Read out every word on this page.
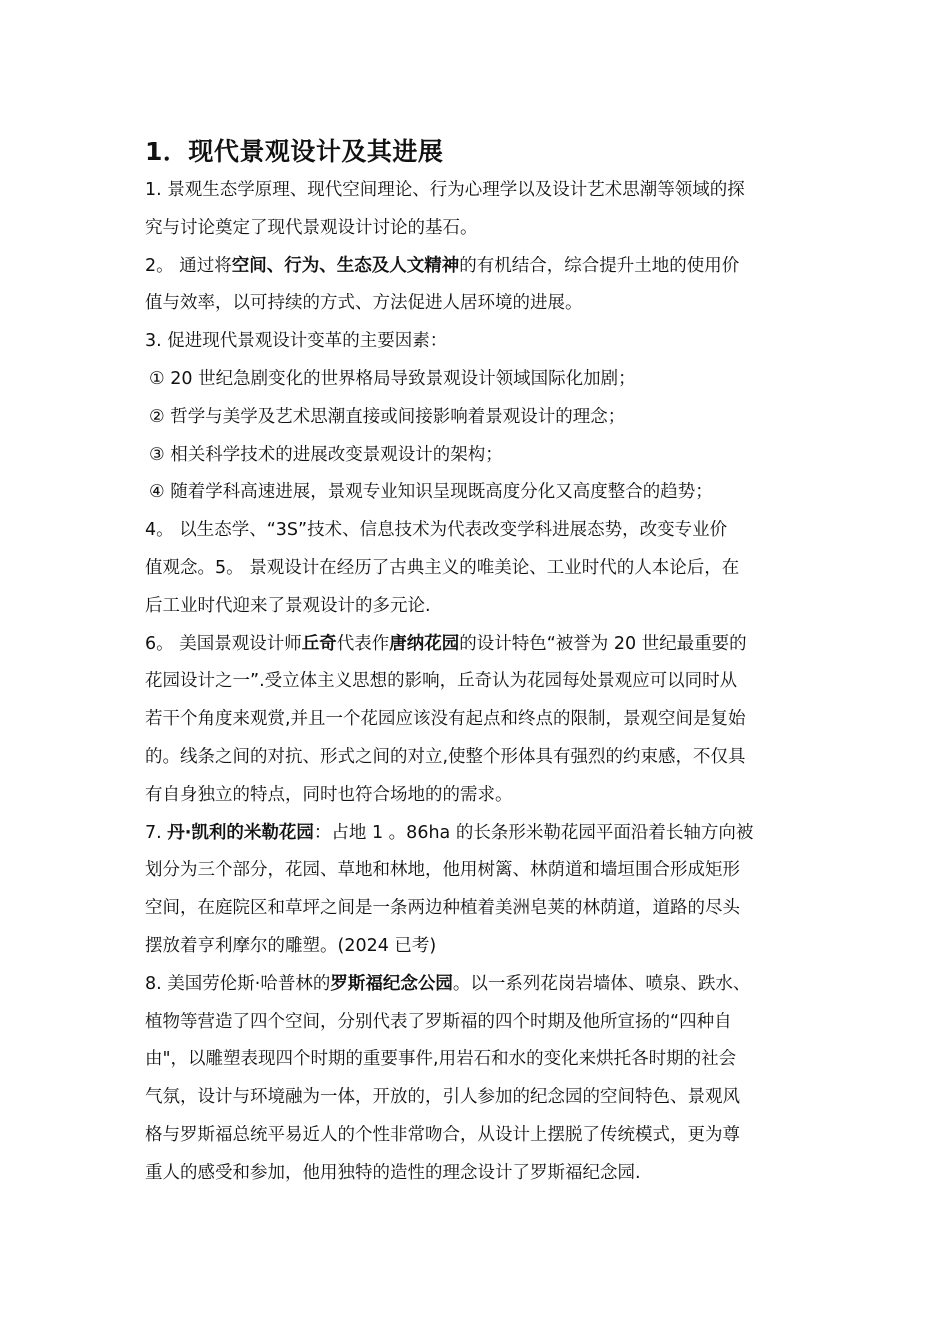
1．现代景观设计及其进展
1. 景观生态学原理、现代空间理论、行为心理学以及设计艺术思潮等领域的探
究与讨论奠定了现代景观设计讨论的基石。
2。 通过将空间、行为、生态及人文精神的有机结合，综合提升土地的使用价
值与效率，以可持续的方式、方法促进人居环境的进展。
3. 促进现代景观设计变革的主要因素：
① 20 世纪急剧变化的世界格局导致景观设计领域国际化加剧；
② 哲学与美学及艺术思潮直接或间接影响着景观设计的理念；
③ 相关科学技术的进展改变景观设计的架构；
④ 随着学科高速进展，景观专业知识呈现既高度分化又高度整合的趋势；
4。 以生态学、“3S”技术、信息技术为代表改变学科进展态势，改变专业价
值观念。5。 景观设计在经历了古典主义的唯美论、工业时代的人本论后，在
后工业时代迎来了景观设计的多元论.
6。 美国景观设计师丘奇代表作唐纳花园的设计特色“被誉为 20 世纪最重要的
花园设计之一”.受立体主义思想的影响，丘奇认为花园每处景观应可以同时从
若干个角度来观赏,并且一个花园应该没有起点和终点的限制，景观空间是复始
的。线条之间的对抗、形式之间的对立,使整个形体具有强烈的约束感，不仅具
有自身独立的特点，同时也符合场地的的需求。
7. 丹·凯利的米勒花园：占地 1 。86ha 的长条形米勒花园平面沿着长轴方向被
划分为三个部分，花园、草地和林地，他用树篱、林荫道和墙垣围合形成矩形
空间，在庭院区和草坪之间是一条两边种植着美洲皂荚的林荫道，道路的尽头
摆放着亨利摩尔的雕塑。(2024 已考)
8. 美国劳伦斯·哈普林的罗斯福纪念公园。以一系列花岗岩墙体、喷泉、跌水、
植物等营造了四个空间，分别代表了罗斯福的四个时期及他所宣扬的“四种自
由"，以雕塑表现四个时期的重要事件,用岩石和水的变化来烘托各时期的社会
气氛，设计与环境融为一体，开放的，引人参加的纪念园的空间特色、景观风
格与罗斯福总统平易近人的个性非常吻合，从设计上摆脱了传统模式，更为尊
重人的感受和参加，他用独特的造性的理念设计了罗斯福纪念园.
